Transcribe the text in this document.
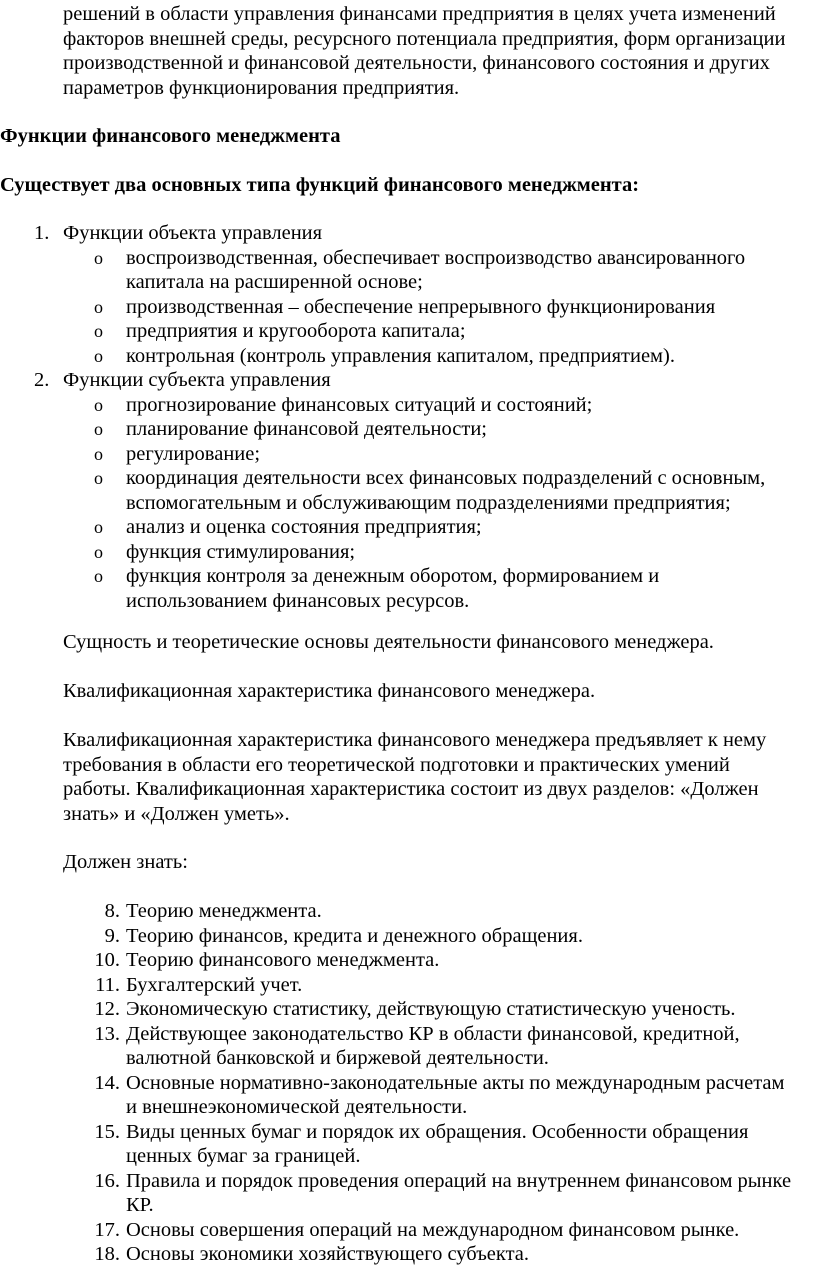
решений в области управления финансами предприятия в целях учета изменений
факторов внешней среды, ресурсного потенциала предприятия, форм организации
производственной и финансовой деятельности, финансового состояния и других
параметров функционирования предприятия.
Функции финансового менеджмента
Существует два основных типа функций финансового менеджмента:
1. Функции объекта управления
o	воспроизводственная, обеспечивает воспроизводство авансированного
капитала на расширенной основе;
o	производственная – обеспечение непрерывного функционирования
o	предприятия и кругооборота капитала;
o	контрольная (контроль управления капиталом, предприятием).
2. Функции субъекта управления
o	прогнозирование финансовых ситуаций и состояний;
o	планирование финансовой деятельности;
o	регулирование;
o	координация деятельности всех финансовых подразделений с основным,
вспомогательным и обслуживающим подразделениями предприятия;
o	анализ и оценка состояния предприятия;
o	функция стимулирования;
o	функция контроля за денежным оборотом, формированием и
использованием финансовых ресурсов.
Сущность и теоретические основы деятельности финансового менеджера.
Квалификационная характеристика финансового менеджера.
Квалификационная характеристика финансового менеджера предъявляет к нему
требования в области его теоретической подготовки и практических умений
работы. Квалификационная характеристика состоит из двух разделов: «Должен
знать» и «Должен уметь».
Должен знать:
8. Теорию менеджмента.
9. Теорию финансов, кредита и денежного обращения.
10. Теорию финансового менеджмента.
11. Бухгалтерский учет.
12. Экономическую статистику, действующую статистическую ученость.
13. Действующее законодательство КР в области финансовой, кредитной,
валютной банковской и биржевой деятельности.
14. Основные нормативно-законодательные акты по международным расчетам
и внешнеэкономической деятельности.
15. Виды ценных бумаг и порядок их обращения. Особенности обращения
ценных бумаг за границей.
16. Правила и порядок проведения операций на внутреннем финансовом рынке
КР.
17. Основы совершения операций на международном финансовом рынке.
18. Основы экономики хозяйствующего субъекта.
